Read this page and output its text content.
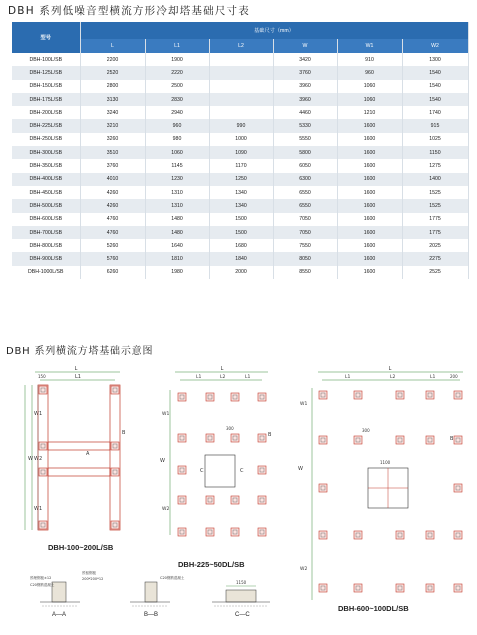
DBH 系列低噪音型横流方形冷却塔基础尺寸表
型号	基础尺寸（mm）					
	L	L1	L2	W	W1	W2
DBH-100L/SB	2200	1900		3420	910	1300
DBH-125L/SB	2520	2220		3760	960	1540
DBH-150L/SB	2800	2500		3960	1060	1540
DBH-175L/SB	3130	2830		3960	1060	1540
DBH-200L/SB	3240	2940		4460	1210	1740
DBH-225L/SB	3210	960	990	5330	1600	915
DBH-250L/SB	3260	980	1000	5550	1600	1025
DBH-300L/SB	3510	1060	1090	5800	1600	1150
DBH-350L/SB	3760	1145	1170	6050	1600	1275
DBH-400L/SB	4010	1230	1250	6300	1600	1400
DBH-450L/SB	4260	1310	1340	6550	1600	1525
DBH-500L/SB	4260	1310	1340	6550	1600	1525
DBH-600L/SB	4760	1480	1500	7050	1600	1775
DBH-700L/SB	4760	1480	1500	7050	1600	1775
DBH-800L/SB	5260	1640	1680	7550	1600	2025
DBH-900L/SB	5760	1810	1840	8050	1600	2275
DBH-1000L/SB	6260	1980	2000	8550	1600	2525
DBH 系列横流方塔基础示意图
L
L1
150
W
W1
W1
W2
B
A
L
L1	L2	L1
W
W1
W2
C	C
B
300
L
L1	L2	L1	200
W
W1
W2
1100
300
B
预埋钢板±12
C20钢筋混凝土
预留钢板
200*200*12	C20钢筋混凝土
1150
DBH-100~200L/SB
DBH-225~50DL/SB
DBH-600~100DL/SB
A—A	B—B	C—C
